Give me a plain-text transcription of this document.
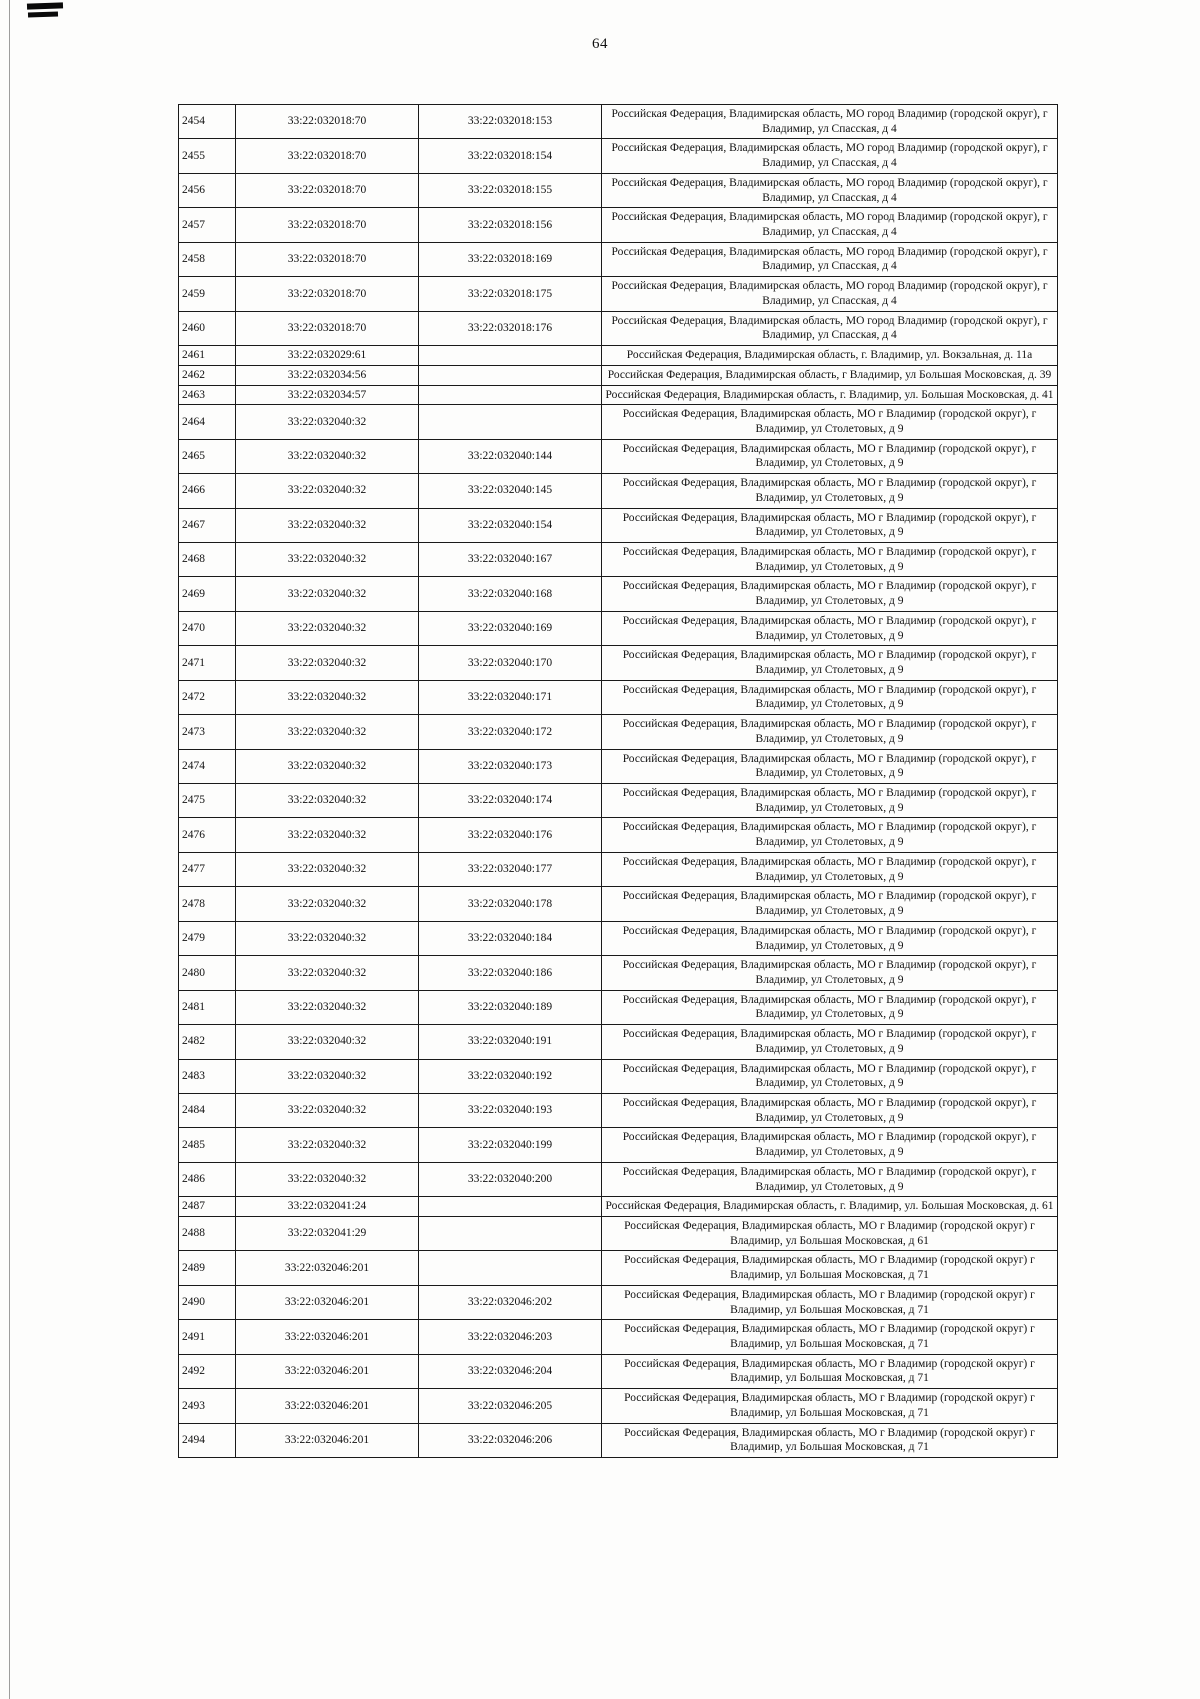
64
2454	33:22:032018:70	33:22:032018:153	Российская Федерация, Владимирская область, МО город Владимир (городской округ), г Владимир, ул Спасская, д 4
2455	33:22:032018:70	33:22:032018:154	Российская Федерация, Владимирская область, МО город Владимир (городской округ), г Владимир, ул Спасская, д 4
2456	33:22:032018:70	33:22:032018:155	Российская Федерация, Владимирская область, МО город Владимир (городской округ), г Владимир, ул Спасская, д 4
2457	33:22:032018:70	33:22:032018:156	Российская Федерация, Владимирская область, МО город Владимир (городской округ), г Владимир, ул Спасская, д 4
2458	33:22:032018:70	33:22:032018:169	Российская Федерация, Владимирская область, МО город Владимир (городской округ), г Владимир, ул Спасская, д 4
2459	33:22:032018:70	33:22:032018:175	Российская Федерация, Владимирская область, МО город Владимир (городской округ), г Владимир, ул Спасская, д 4
2460	33:22:032018:70	33:22:032018:176	Российская Федерация, Владимирская область, МО город Владимир (городской округ), г Владимир, ул Спасская, д 4
2461	33:22:032029:61		Российская Федерация, Владимирская область, г. Владимир, ул. Вокзальная, д. 11а
2462	33:22:032034:56		Российская Федерация, Владимирская область, г Владимир, ул Большая Московская, д. 39
2463	33:22:032034:57		Российская Федерация, Владимирская область, г. Владимир, ул. Большая Московская, д. 41
2464	33:22:032040:32		Российская Федерация, Владимирская область, МО г Владимир (городской округ), г Владимир, ул Столетовых, д 9
2465	33:22:032040:32	33:22:032040:144	Российская Федерация, Владимирская область, МО г Владимир (городской округ), г Владимир, ул Столетовых, д 9
2466	33:22:032040:32	33:22:032040:145	Российская Федерация, Владимирская область, МО г Владимир (городской округ), г Владимир, ул Столетовых, д 9
2467	33:22:032040:32	33:22:032040:154	Российская Федерация, Владимирская область, МО г Владимир (городской округ), г Владимир, ул Столетовых, д 9
2468	33:22:032040:32	33:22:032040:167	Российская Федерация, Владимирская область, МО г Владимир (городской округ), г Владимир, ул Столетовых, д 9
2469	33:22:032040:32	33:22:032040:168	Российская Федерация, Владимирская область, МО г Владимир (городской округ), г Владимир, ул Столетовых, д 9
2470	33:22:032040:32	33:22:032040:169	Российская Федерация, Владимирская область, МО г Владимир (городской округ), г Владимир, ул Столетовых, д 9
2471	33:22:032040:32	33:22:032040:170	Российская Федерация, Владимирская область, МО г Владимир (городской округ), г Владимир, ул Столетовых, д 9
2472	33:22:032040:32	33:22:032040:171	Российская Федерация, Владимирская область, МО г Владимир (городской округ), г Владимир, ул Столетовых, д 9
2473	33:22:032040:32	33:22:032040:172	Российская Федерация, Владимирская область, МО г Владимир (городской округ), г Владимир, ул Столетовых, д 9
2474	33:22:032040:32	33:22:032040:173	Российская Федерация, Владимирская область, МО г Владимир (городской округ), г Владимир, ул Столетовых, д 9
2475	33:22:032040:32	33:22:032040:174	Российская Федерация, Владимирская область, МО г Владимир (городской округ), г Владимир, ул Столетовых, д 9
2476	33:22:032040:32	33:22:032040:176	Российская Федерация, Владимирская область, МО г Владимир (городской округ), г Владимир, ул Столетовых, д 9
2477	33:22:032040:32	33:22:032040:177	Российская Федерация, Владимирская область, МО г Владимир (городской округ), г Владимир, ул Столетовых, д 9
2478	33:22:032040:32	33:22:032040:178	Российская Федерация, Владимирская область, МО г Владимир (городской округ), г Владимир, ул Столетовых, д 9
2479	33:22:032040:32	33:22:032040:184	Российская Федерация, Владимирская область, МО г Владимир (городской округ), г Владимир, ул Столетовых, д 9
2480	33:22:032040:32	33:22:032040:186	Российская Федерация, Владимирская область, МО г Владимир (городской округ), г Владимир, ул Столетовых, д 9
2481	33:22:032040:32	33:22:032040:189	Российская Федерация, Владимирская область, МО г Владимир (городской округ), г Владимир, ул Столетовых, д 9
2482	33:22:032040:32	33:22:032040:191	Российская Федерация, Владимирская область, МО г Владимир (городской округ), г Владимир, ул Столетовых, д 9
2483	33:22:032040:32	33:22:032040:192	Российская Федерация, Владимирская область, МО г Владимир (городской округ), г Владимир, ул Столетовых, д 9
2484	33:22:032040:32	33:22:032040:193	Российская Федерация, Владимирская область, МО г Владимир (городской округ), г Владимир, ул Столетовых, д 9
2485	33:22:032040:32	33:22:032040:199	Российская Федерация, Владимирская область, МО г Владимир (городской округ), г Владимир, ул Столетовых, д 9
2486	33:22:032040:32	33:22:032040:200	Российская Федерация, Владимирская область, МО г Владимир (городской округ), г Владимир, ул Столетовых, д 9
2487	33:22:032041:24		Российская Федерация, Владимирская область, г. Владимир, ул. Большая Московская, д. 61
2488	33:22:032041:29		Российская Федерация, Владимирская область, МО г Владимир (городской округ) г Владимир, ул Большая Московская, д 61
2489	33:22:032046:201		Российская Федерация, Владимирская область, МО г Владимир (городской округ) г Владимир, ул Большая Московская, д 71
2490	33:22:032046:201	33:22:032046:202	Российская Федерация, Владимирская область, МО г Владимир (городской округ) г Владимир, ул Большая Московская, д 71
2491	33:22:032046:201	33:22:032046:203	Российская Федерация, Владимирская область, МО г Владимир (городской округ) г Владимир, ул Большая Московская, д 71
2492	33:22:032046:201	33:22:032046:204	Российская Федерация, Владимирская область, МО г Владимир (городской округ) г Владимир, ул Большая Московская, д 71
2493	33:22:032046:201	33:22:032046:205	Российская Федерация, Владимирская область, МО г Владимир (городской округ) г Владимир, ул Большая Московская, д 71
2494	33:22:032046:201	33:22:032046:206	Российская Федерация, Владимирская область, МО г Владимир (городской округ) г Владимир, ул Большая Московская, д 71
